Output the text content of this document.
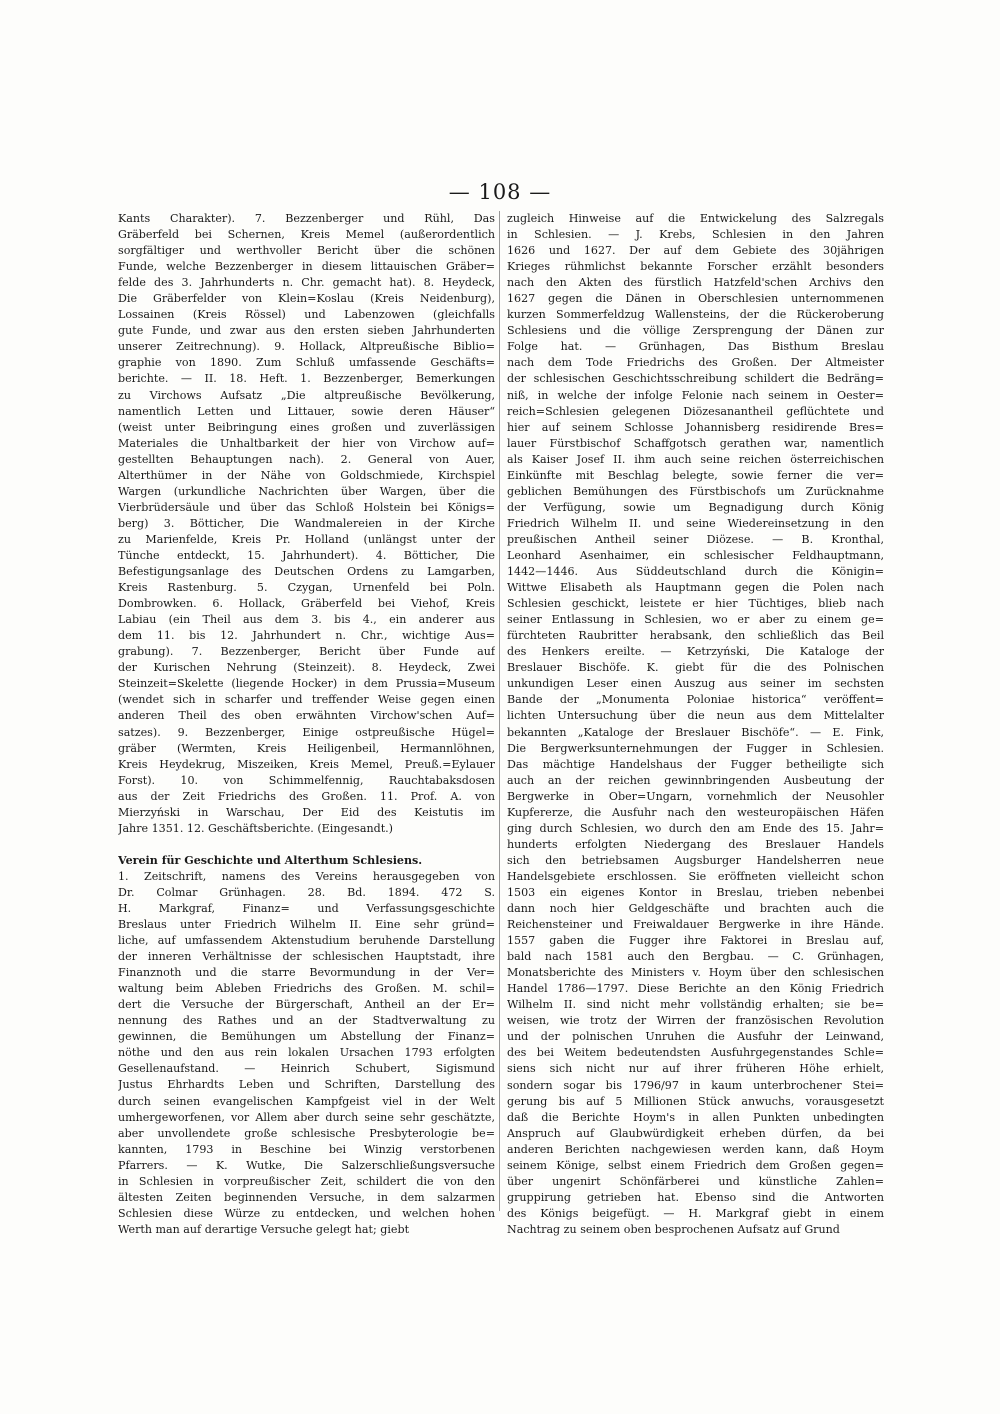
— 108 —
Kants Charakter). 7. Bezzenberger und Rühl, Das
Gräberfeld bei Schernen, Kreis Memel (außerordentlich
sorgfältiger und werthvoller Bericht über die schönen
Funde, welche Bezzenberger in diesem littauischen Gräber=
felde des 3. Jahrhunderts n. Chr. gemacht hat). 8. Heydeck,
Die Gräberfelder von Klein=Koslau (Kreis Neidenburg),
Lossainen (Kreis Rössel) und Labenzowen (gleichfalls
gute Funde, und zwar aus den ersten sieben Jahrhunderten
unserer Zeitrechnung). 9. Hollack, Altpreußische Biblio=
graphie von 1890. Zum Schluß umfassende Geschäfts=
berichte. — II. 18. Heft. 1. Bezzenberger, Bemerkungen
zu Virchows Aufsatz „Die altpreußische Bevölkerung,
namentlich Letten und Littauer, sowie deren Häuser“
(weist unter Beibringung eines großen und zuverlässigen
Materiales die Unhaltbarkeit der hier von Virchow auf=
gestellten Behauptungen nach). 2. General von Auer,
Alterthümer in der Nähe von Goldschmiede, Kirchspiel
Wargen (urkundliche Nachrichten über Wargen, über die
Vierbrüdersäule und über das Schloß Holstein bei Königs=
berg) 3. Bötticher, Die Wandmalereien in der Kirche
zu Marienfelde, Kreis Pr. Holland (unlängst unter der
Tünche entdeckt, 15. Jahrhundert). 4. Bötticher, Die
Befestigungsanlage des Deutschen Ordens zu Lamgarben,
Kreis Rastenburg. 5. Czygan, Urnenfeld bei Poln.
Dombrowken. 6. Hollack, Gräberfeld bei Viehof, Kreis
Labiau (ein Theil aus dem 3. bis 4., ein anderer aus
dem 11. bis 12. Jahrhundert n. Chr., wichtige Aus=
grabung). 7. Bezzenberger, Bericht über Funde auf
der Kurischen Nehrung (Steinzeit). 8. Heydeck, Zwei
Steinzeit=Skelette (liegende Hocker) in dem Prussia=Museum
(wendet sich in scharfer und treffender Weise gegen einen
anderen Theil des oben erwähnten Virchow'schen Auf=
satzes). 9. Bezzenberger, Einige ostpreußische Hügel=
gräber (Wermten, Kreis Heiligenbeil, Hermannlöhnen,
Kreis Heydekrug, Miszeiken, Kreis Memel, Preuß.=Eylauer
Forst). 10. von Schimmelfennig, Rauchtabaksdosen
aus der Zeit Friedrichs des Großen. 11. Prof. A. von
Mierzyński in Warschau, Der Eid des Keistutis im
Jahre 1351. 12. Geschäftsberichte. (Eingesandt.)
Verein für Geschichte und Alterthum Schlesiens.
1. Zeitschrift, namens des Vereins herausgegeben von
Dr. Colmar Grünhagen. 28. Bd. 1894. 472 S.
H. Markgraf, Finanz= und Verfassungsgeschichte
Breslaus unter Friedrich Wilhelm II. Eine sehr gründ=
liche, auf umfassendem Aktenstudium beruhende Darstellung
der inneren Verhältnisse der schlesischen Hauptstadt, ihre
Finanznoth und die starre Bevormundung in der Ver=
waltung beim Ableben Friedrichs des Großen. M. schil=
dert die Versuche der Bürgerschaft, Antheil an der Er=
nennung des Rathes und an der Stadtverwaltung zu
gewinnen, die Bemühungen um Abstellung der Finanz=
nöthe und den aus rein lokalen Ursachen 1793 erfolgten
Gesellenaufstand. — Heinrich Schubert, Sigismund
Justus Ehrhardts Leben und Schriften, Darstellung des
durch seinen evangelischen Kampfgeist viel in der Welt
umhergeworfenen, vor Allem aber durch seine sehr geschätzte,
aber unvollendete große schlesische Presbyterologie be=
kannten, 1793 in Beschine bei Winzig verstorbenen
Pfarrers. — K. Wutke, Die Salzerschließungsversuche
in Schlesien in vorpreußischer Zeit, schildert die von den
ältesten Zeiten beginnenden Versuche, in dem salzarmen
Schlesien diese Würze zu entdecken, und welchen hohen
Werth man auf derartige Versuche gelegt hat; giebt
zugleich Hinweise auf die Entwickelung des Salzregals
in Schlesien. — J. Krebs, Schlesien in den Jahren
1626 und 1627. Der auf dem Gebiete des 30jährigen
Krieges rühmlichst bekannte Forscher erzählt besonders
nach den Akten des fürstlich Hatzfeld'schen Archivs den
1627 gegen die Dänen in Oberschlesien unternommenen
kurzen Sommerfeldzug Wallensteins, der die Rückeroberung
Schlesiens und die völlige Zersprengung der Dänen zur
Folge hat. — Grünhagen, Das Bisthum Breslau
nach dem Tode Friedrichs des Großen. Der Altmeister
der schlesischen Geschichtsschreibung schildert die Bedräng=
niß, in welche der infolge Felonie nach seinem in Oester=
reich=Schlesien gelegenen Diözesanantheil geflüchtete und
hier auf seinem Schlosse Johannisberg residirende Bres=
lauer Fürstbischof Schaffgotsch gerathen war, namentlich
als Kaiser Josef II. ihm auch seine reichen österreichischen
Einkünfte mit Beschlag belegte, sowie ferner die ver=
geblichen Bemühungen des Fürstbischofs um Zurücknahme
der Verfügung, sowie um Begnadigung durch König
Friedrich Wilhelm II. und seine Wiedereinsetzung in den
preußischen Antheil seiner Diözese. — B. Kronthal,
Leonhard Asenhaimer, ein schlesischer Feldhauptmann,
1442—1446. Aus Süddeutschland durch die Königin=
Wittwe Elisabeth als Hauptmann gegen die Polen nach
Schlesien geschickt, leistete er hier Tüchtiges, blieb nach
seiner Entlassung in Schlesien, wo er aber zu einem ge=
fürchteten Raubritter herabsank, den schließlich das Beil
des Henkers ereilte. — Ketrzyński, Die Kataloge der
Breslauer Bischöfe. K. giebt für die des Polnischen
unkundigen Leser einen Auszug aus seiner im sechsten
Bande der „Monumenta Poloniae historica“ veröffent=
lichten Untersuchung über die neun aus dem Mittelalter
bekannten „Kataloge der Breslauer Bischöfe“. — E. Fink,
Die Bergwerksunternehmungen der Fugger in Schlesien.
Das mächtige Handelshaus der Fugger betheiligte sich
auch an der reichen gewinnbringenden Ausbeutung der
Bergwerke in Ober=Ungarn, vornehmlich der Neusohler
Kupfererze, die Ausfuhr nach den westeuropäischen Häfen
ging durch Schlesien, wo durch den am Ende des 15. Jahr=
hunderts erfolgten Niedergang des Breslauer Handels
sich den betriebsamen Augsburger Handelsherren neue
Handelsgebiete erschlossen. Sie eröffneten vielleicht schon
1503 ein eigenes Kontor in Breslau, trieben nebenbei
dann noch hier Geldgeschäfte und brachten auch die
Reichensteiner und Freiwaldauer Bergwerke in ihre Hände.
1557 gaben die Fugger ihre Faktorei in Breslau auf,
bald nach 1581 auch den Bergbau. — C. Grünhagen,
Monatsberichte des Ministers v. Hoym über den schlesischen
Handel 1786—1797. Diese Berichte an den König Friedrich
Wilhelm II. sind nicht mehr vollständig erhalten; sie be=
weisen, wie trotz der Wirren der französischen Revolution
und der polnischen Unruhen die Ausfuhr der Leinwand,
des bei Weitem bedeutendsten Ausfuhrgegenstandes Schle=
siens sich nicht nur auf ihrer früheren Höhe erhielt,
sondern sogar bis 1796/97 in kaum unterbrochener Stei=
gerung bis auf 5 Millionen Stück anwuchs, vorausgesetzt
daß die Berichte Hoym's in allen Punkten unbedingten
Anspruch auf Glaubwürdigkeit erheben dürfen, da bei
anderen Berichten nachgewiesen werden kann, daß Hoym
seinem Könige, selbst einem Friedrich dem Großen gegen=
über ungenirt Schönfärberei und künstliche Zahlen=
gruppirung getrieben hat. Ebenso sind die Antworten
des Königs beigefügt. — H. Markgraf giebt in einem
Nachtrag zu seinem oben besprochenen Aufsatz auf Grund
